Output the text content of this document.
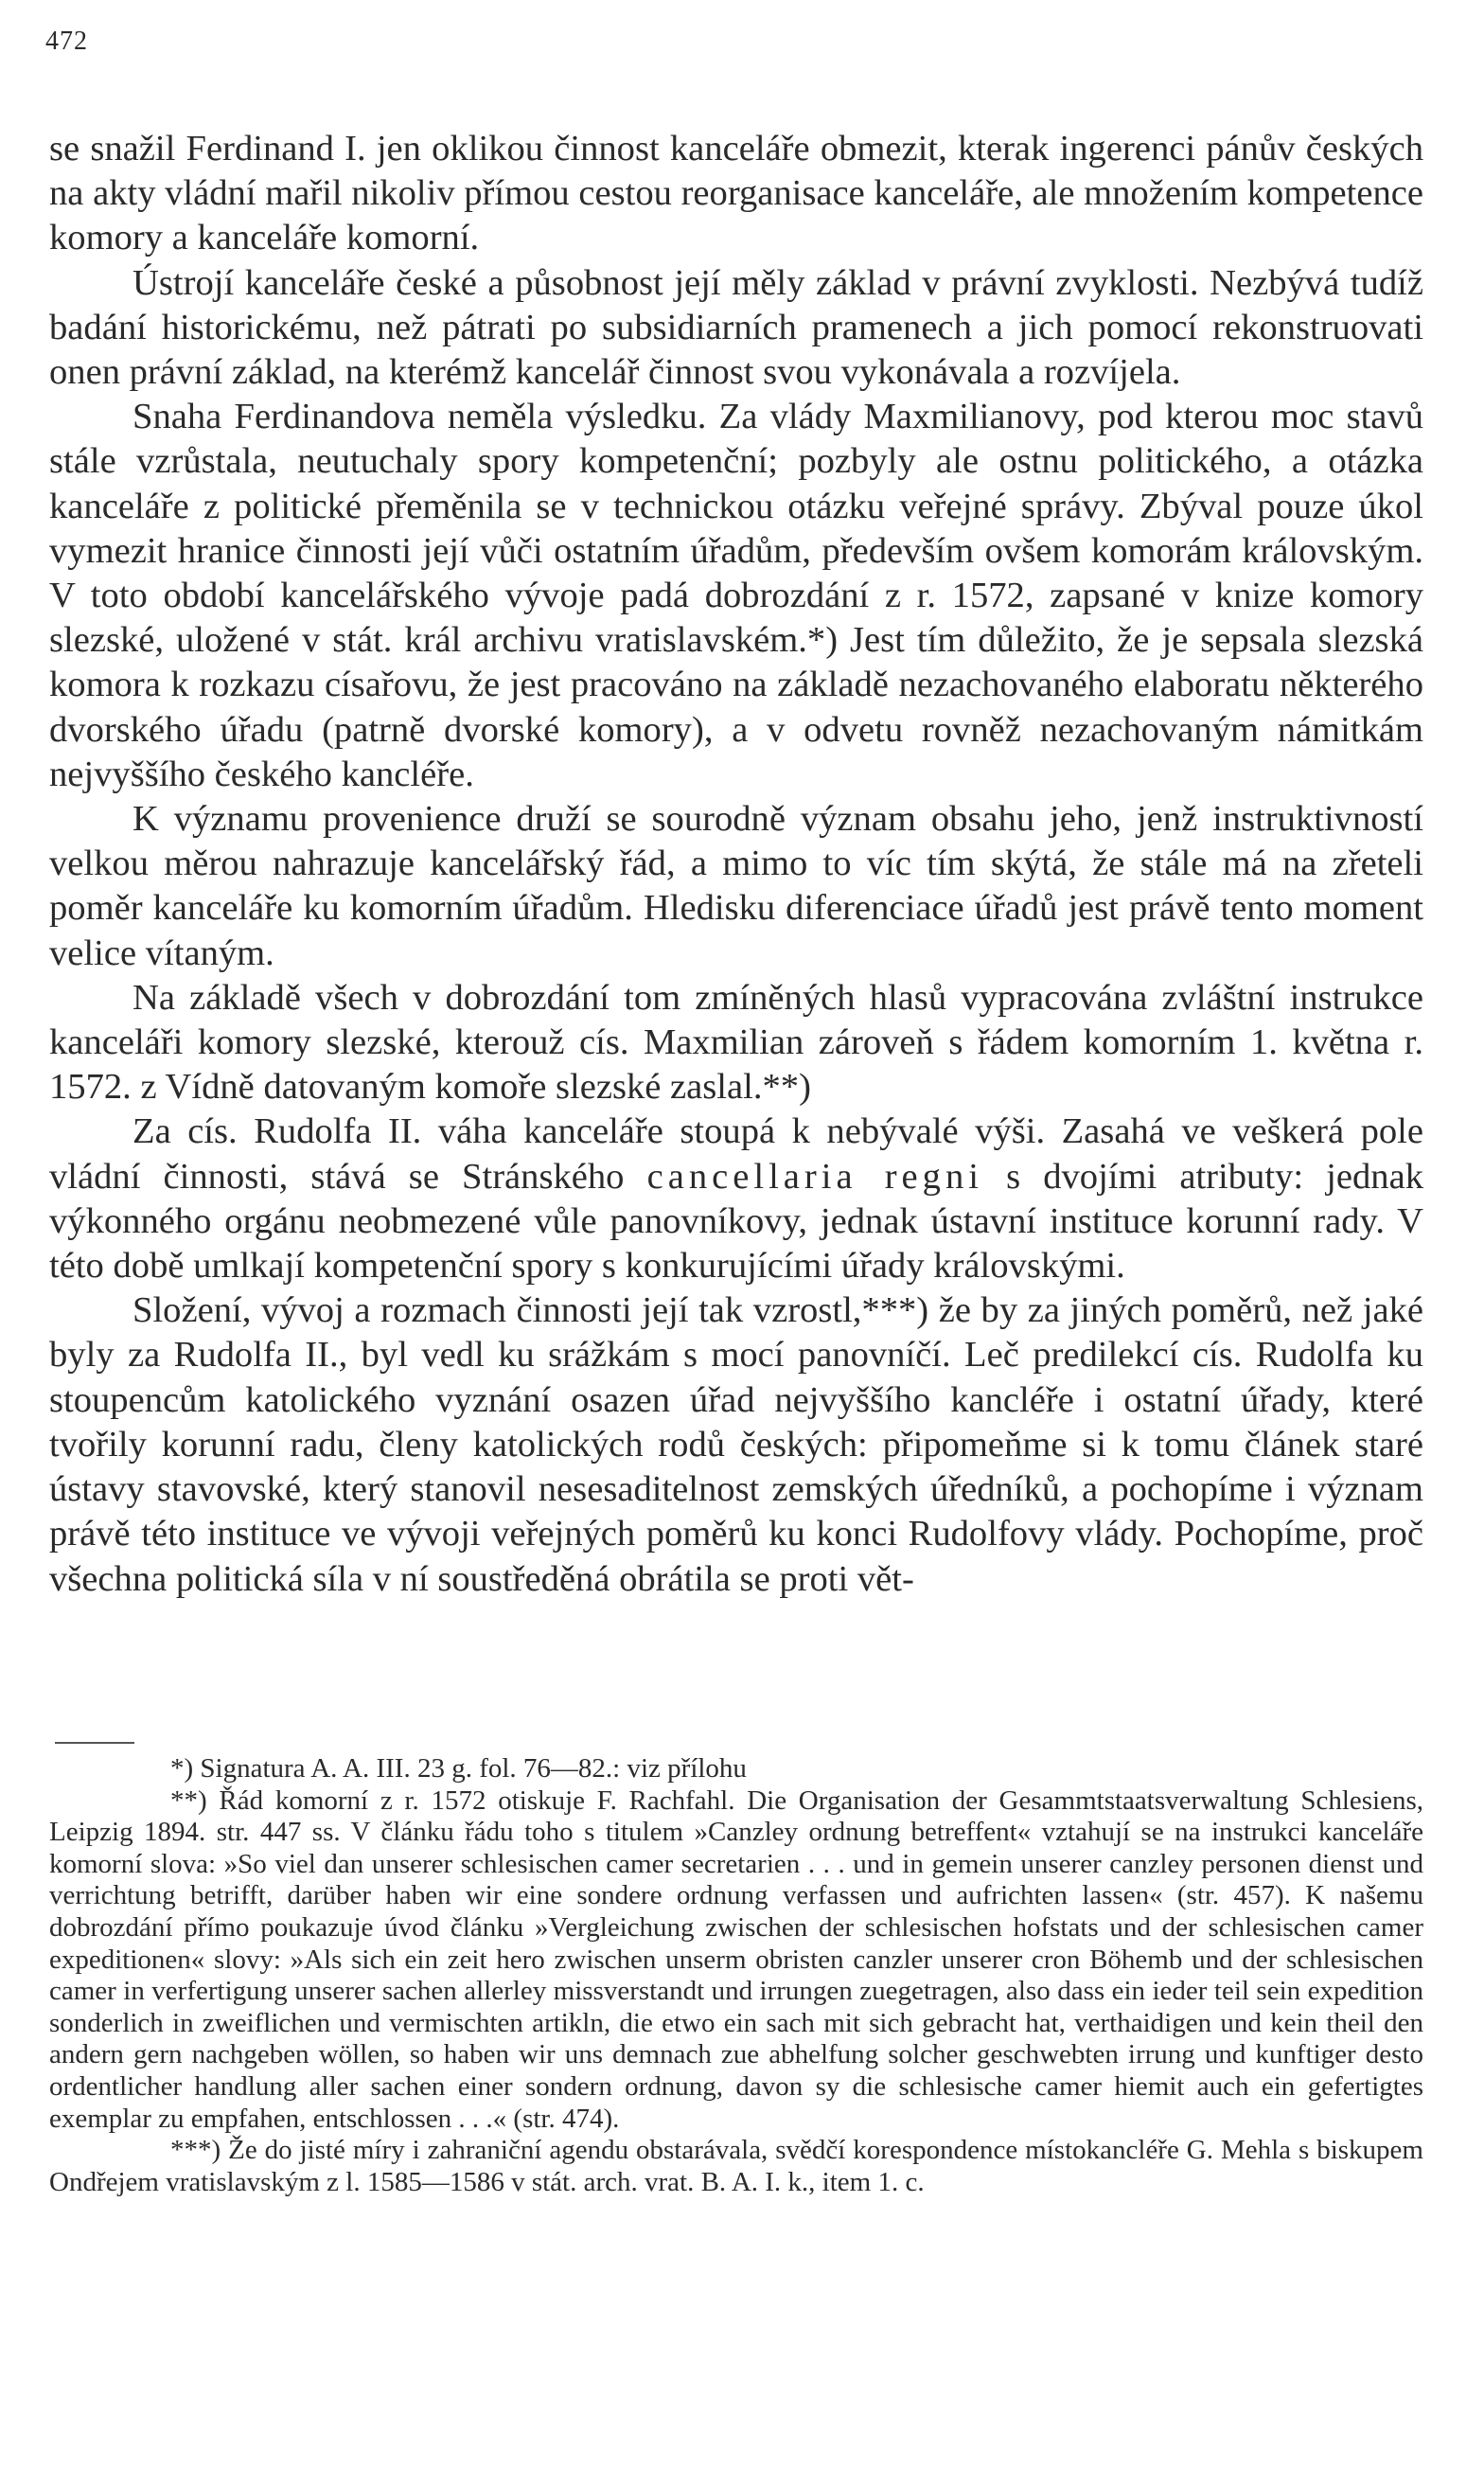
472

se snažil Ferdinand I. jen oklikou činnost kanceláře obmezit, kterak ingerenci pánův českých na akty vládní mařil nikoliv přímou cestou reorganisace kanceláře, ale množením kompetence komory a kanceláře komorní.

Ústrojí kanceláře české a působnost její měly základ v právní zvyklosti. Nezbývá tudíž badání historickému, než pátrati po subsidiarních pramenech a jich pomocí rekonstruovati onen právní základ, na kterémž kancelář činnost svou vykonávala a rozvíjela.

Snaha Ferdinandova neměla výsledku. Za vlády Maxmilianovy, pod kterou moc stavů stále vzrůstala, neutuchaly spory kompetenční; pozbyly ale ostnu politického, a otázka kanceláře z politické přeměnila se v technickou otázku veřejné správy. Zbýval pouze úkol vymezit hranice činnosti její vůči ostatním úřadům, především ovšem komorám královským. V toto období kancelářského vývoje padá dobrozdání z r. 1572, zapsané v knize komory slezské, uložené v stát. král archivu vratislavském.*) Jest tím důležito, že je sepsala slezská komora k rozkazu císařovu, že jest pracováno na základě nezachovaného elaboratu některého dvorského úřadu (patrně dvorské komory), a v odvetu rovněž nezachovaným námitkám nejvyššího českého kancléře.

K významu provenience druží se sourodně význam obsahu jeho, jenž instruktivností velkou měrou nahrazuje kancelářský řád, a mimo to víc tím skýtá, že stále má na zřeteli poměr kanceláře ku komorním úřadům. Hledisku diferenciace úřadů jest právě tento moment velice vítaným.

Na základě všech v dobrozdání tom zmíněných hlasů vypracována zvláštní instrukce kanceláři komory slezské, kterouž cís. Maxmilian zároveň s řádem komorním 1. května r. 1572. z Vídně datovaným komoře slezské zaslal.**)

Za cís. Rudolfa II. váha kanceláře stoupá k nebývalé výši. Zasahá ve veškerá pole vládní činnosti, stává se Stránského cancellaria regni s dvojími atributy: jednak výkonného orgánu neobmezené vůle panovníkovy, jednak ústavní instituce korunní rady. V této době umlkají kompetenční spory s konkurujícími úřady královskými.

Složení, vývoj a rozmach činnosti její tak vzrostl,***) že by za jiných poměrů, než jaké byly za Rudolfa II., byl vedl ku srážkám s mocí panovníčí. Leč predilekcí cís. Rudolfa ku stoupencům katolického vyznání osazen úřad nejvyššího kancléře i ostatní úřady, které tvořily korunní radu, členy katolických rodů českých: připomeňme si k tomu článek staré ústavy stavovské, který stanovil nesesaditelnost zemských úředníků, a pochopíme i význam právě této instituce ve vývoji veřejných poměrů ku konci Rudolfovy vlády. Pochopíme, proč všechna politická síla v ní soustředěná obrátila se proti vět-

*) Signatura A. A. III. 23 g. fol. 76—82.: viz přílohu

**) Řád komorní z r. 1572 otiskuje F. Rachfahl. Die Organisation der Gesammtstaatsverwaltung Schlesiens, Leipzig 1894. str. 447 ss. V článku řádu toho s titulem »Canzley ordnung betreffent« vztahují se na instrukci kanceláře komorní slova: »So viel dan unserer schlesischen camer secretarien . . . und in gemein unserer canzley personen dienst und verrichtung betrifft, darüber haben wir eine sondere ordnung verfassen und aufrichten lassen« (str. 457). K našemu dobrozdání přímo poukazuje úvod článku »Vergleichung zwischen der schlesischen hofstats und der schlesischen camer expeditionen« slovy: »Als sich ein zeit hero zwischen unserm obristen canzler unserer cron Böhemb und der schlesischen camer in verfertigung unserer sachen allerley missverstandt und irrungen zuegetragen, also dass ein ieder teil sein expedition sonderlich in zweiflichen und vermischten artikln, die etwo ein sach mit sich gebracht hat, verthaidigen und kein theil den andern gern nachgeben wöllen, so haben wir uns demnach zue abhelfung solcher geschwebten irrung und kunftiger desto ordentlicher handlung aller sachen einer sondern ordnung, davon sy die schlesische camer hiemit auch ein gefertigtes exemplar zu empfahen, entschlossen . . .« (str. 474).

***) Že do jisté míry i zahraniční agendu obstarávala, svědčí korespondence místokancléře G. Mehla s biskupem Ondřejem vratislavským z l. 1585—1586 v stát. arch. vrat. B. A. I. k., item 1. c.
